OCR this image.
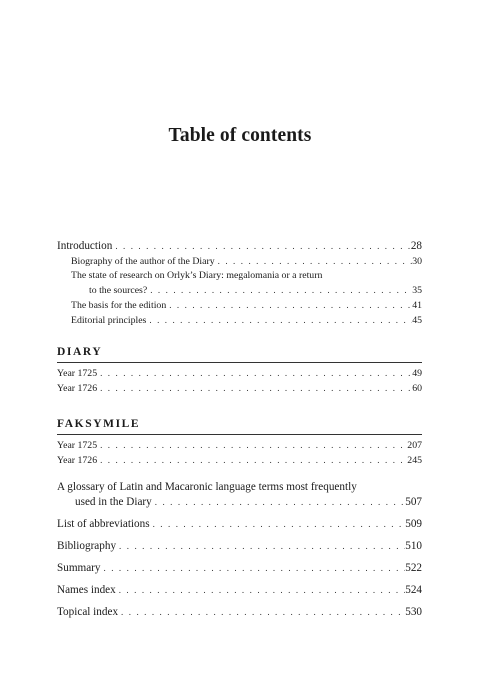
Table of contents
Introduction . . .	28
Biography of the author of the Diary . . .	30
The state of research on Orlyk’s Diary: megalomania or a return
to the sources? . . .	35
The basis for the edition . . .	41
Editorial principles . . .	45
DIARY
Year 1725 . . .	49
Year 1726 . . .	60
FAKSYMILE
Year 1725 . . .	207
Year 1726 . . .	245
A glossary of Latin and Macaronic language terms most frequently
used in the Diary . . .	507
List of abbreviations . . .	509
Bibliography . . .	510
Summary . . .	522
Names index . . .	524
Topical index . . .	530
